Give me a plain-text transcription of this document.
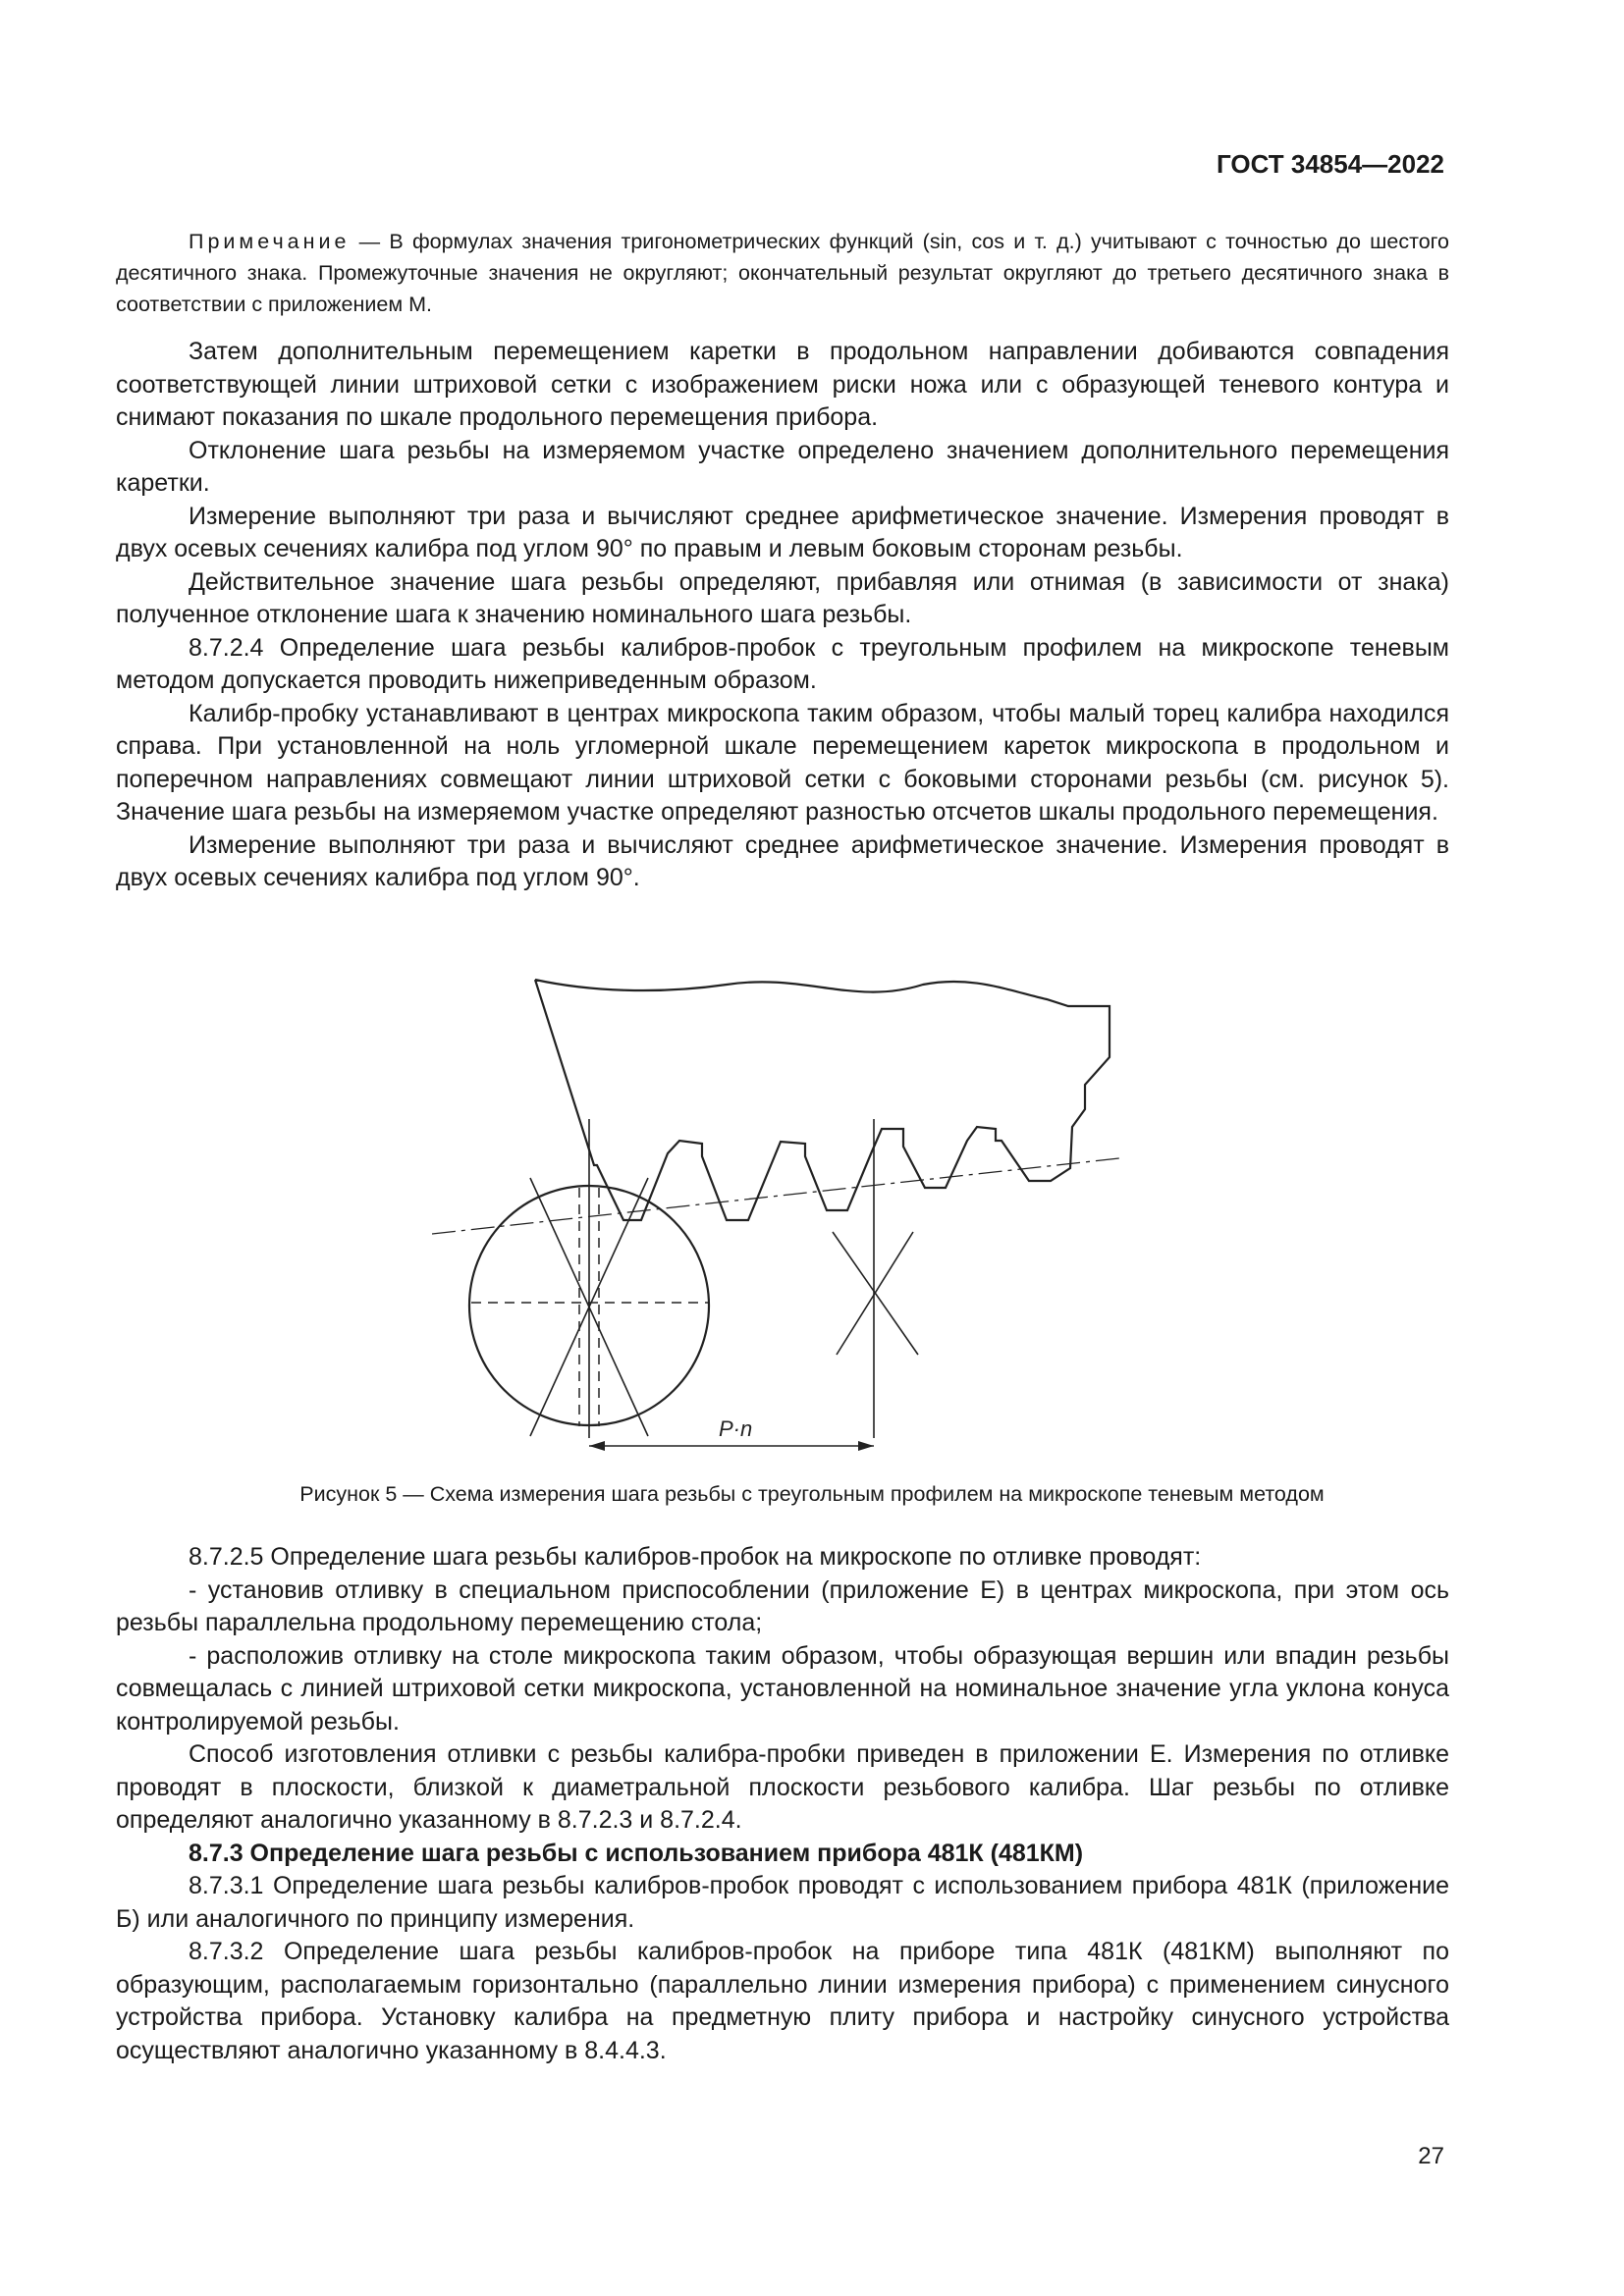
ГОСТ 34854—2022

Примечание — В формулах значения тригонометрических функций (sin, cos и т. д.) учитывают с точностью до шестого десятичного знака. Промежуточные значения не округляют; окончательный результат округляют до третьего десятичного знака в соответствии с приложением М.

Затем дополнительным перемещением каретки в продольном направлении добиваются совпадения соответствующей линии штриховой сетки с изображением риски ножа или с образующей теневого контура и снимают показания по шкале продольного перемещения прибора.

Отклонение шага резьбы на измеряемом участке определено значением дополнительного перемещения каретки.

Измерение выполняют три раза и вычисляют среднее арифметическое значение. Измерения проводят в двух осевых сечениях калибра под углом 90° по правым и левым боковым сторонам резьбы.

Действительное значение шага резьбы определяют, прибавляя или отнимая (в зависимости от знака) полученное отклонение шага к значению номинального шага резьбы.

8.7.2.4 Определение шага резьбы калибров-пробок с треугольным профилем на микроскопе теневым методом допускается проводить нижеприведенным образом.

Калибр-пробку устанавливают в центрах микроскопа таким образом, чтобы малый торец калибра находился справа. При установленной на ноль угломерной шкале перемещением кареток микроскопа в продольном и поперечном направлениях совмещают линии штриховой сетки с боковыми сторонами резьбы (см. рисунок 5). Значение шага резьбы на измеряемом участке определяют разностью отсчетов шкалы продольного перемещения.

Измерение выполняют три раза и вычисляют среднее арифметическое значение. Измерения проводят в двух осевых сечениях калибра под углом 90°.

P·n

Рисунок 5 — Схема измерения шага резьбы с треугольным профилем на микроскопе теневым методом

8.7.2.5 Определение шага резьбы калибров-пробок на микроскопе по отливке проводят:

- установив отливку в специальном приспособлении (приложение Е) в центрах микроскопа, при этом ось резьбы параллельна продольному перемещению стола;

- расположив отливку на столе микроскопа таким образом, чтобы образующая вершин или впадин резьбы совмещалась с линией штриховой сетки микроскопа, установленной на номинальное значение угла уклона конуса контролируемой резьбы.

Способ изготовления отливки с резьбы калибра-пробки приведен в приложении Е. Измерения по отливке проводят в плоскости, близкой к диаметральной плоскости резьбового калибра. Шаг резьбы по отливке определяют аналогично указанному в 8.7.2.3 и 8.7.2.4.

8.7.3 Определение шага резьбы с использованием прибора 481К (481КМ)

8.7.3.1 Определение шага резьбы калибров-пробок проводят с использованием прибора 481К (приложение Б) или аналогичного по принципу измерения.

8.7.3.2 Определение шага резьбы калибров-пробок на приборе типа 481К (481КМ) выполняют по образующим, располагаемым горизонтально (параллельно линии измерения прибора) с применением синусного устройства прибора. Установку калибра на предметную плиту прибора и настройку синусного устройства осуществляют аналогично указанному в 8.4.4.3.

27
